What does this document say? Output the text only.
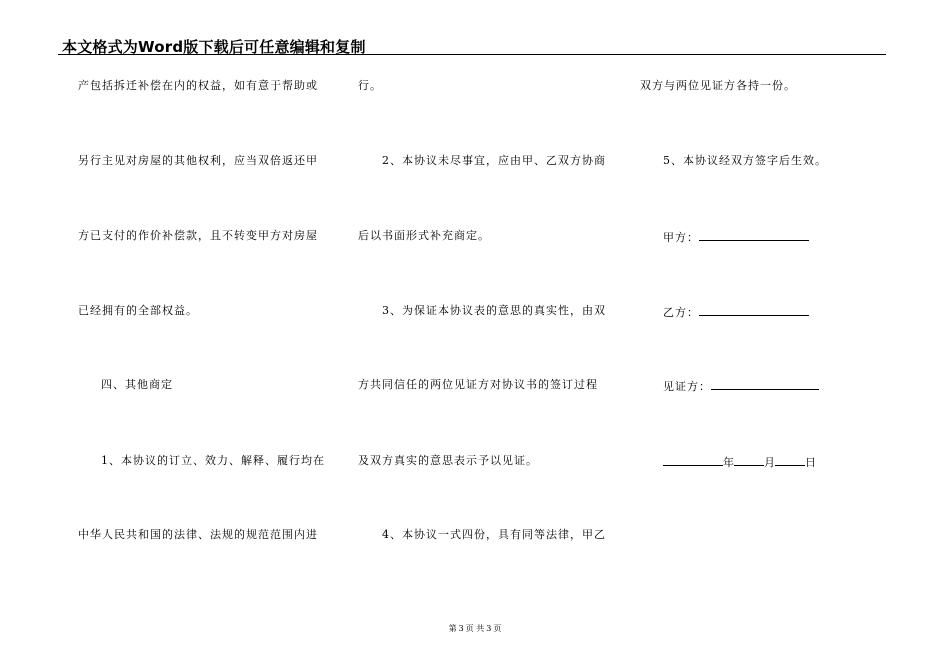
本文格式为Word版下载后可任意编辑和复制
产包括拆迁补偿在内的权益，如有意于帮助或
另行主见对房屋的其他权利，应当双倍返还甲
方已支付的作价补偿款，且不转变甲方对房屋
已经拥有的全部权益。
四、其他商定
1、本协议的订立、效力、解释、履行均在
中华人民共和国的法律、法规的规范范围内进
行。
2、本协议未尽事宜，应由甲、乙双方协商
后以书面形式补充商定。
3、为保证本协议表的意思的真实性，由双
方共同信任的两位见证方对协议书的签订过程
及双方真实的意思表示予以见证。
4、本协议一式四份，具有同等法律，甲乙
双方与两位见证方各持一份。
5、本协议经双方签字后生效。
甲方：
乙方：
见证方：
年	月	日
第 3 页 共 3 页
